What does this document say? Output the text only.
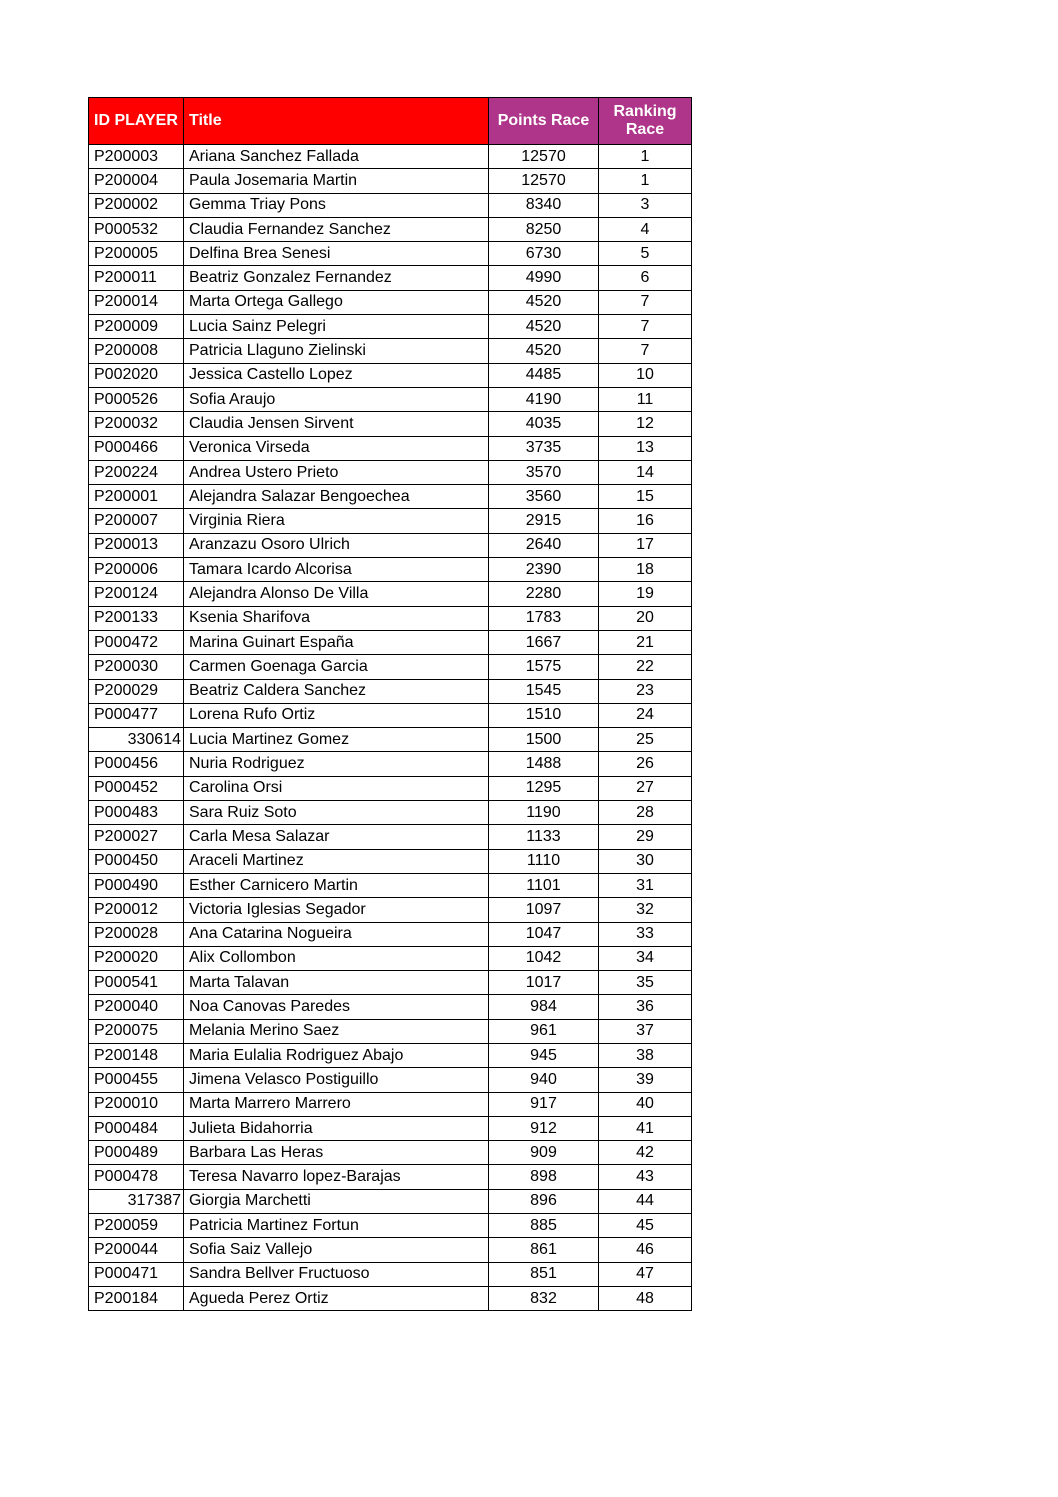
ID PLAYER	Title	Points Race	Ranking Race
P200003	Ariana Sanchez Fallada	12570	1
P200004	Paula Josemaria Martin	12570	1
P200002	Gemma Triay Pons	8340	3
P000532	Claudia Fernandez Sanchez	8250	4
P200005	Delfina Brea Senesi	6730	5
P200011	Beatriz Gonzalez Fernandez	4990	6
P200014	Marta Ortega Gallego	4520	7
P200009	Lucia Sainz Pelegri	4520	7
P200008	Patricia Llaguno Zielinski	4520	7
P002020	Jessica Castello Lopez	4485	10
P000526	Sofia Araujo	4190	11
P200032	Claudia Jensen Sirvent	4035	12
P000466	Veronica Virseda	3735	13
P200224	Andrea Ustero Prieto	3570	14
P200001	Alejandra Salazar Bengoechea	3560	15
P200007	Virginia Riera	2915	16
P200013	Aranzazu Osoro Ulrich	2640	17
P200006	Tamara Icardo Alcorisa	2390	18
P200124	Alejandra Alonso De Villa	2280	19
P200133	Ksenia Sharifova	1783	20
P000472	Marina Guinart España	1667	21
P200030	Carmen Goenaga Garcia	1575	22
P200029	Beatriz Caldera Sanchez	1545	23
P000477	Lorena Rufo Ortiz	1510	24
330614	Lucia Martinez Gomez	1500	25
P000456	Nuria Rodriguez	1488	26
P000452	Carolina Orsi	1295	27
P000483	Sara Ruiz Soto	1190	28
P200027	Carla Mesa Salazar	1133	29
P000450	Araceli Martinez	1110	30
P000490	Esther Carnicero Martin	1101	31
P200012	Victoria Iglesias Segador	1097	32
P200028	Ana Catarina Nogueira	1047	33
P200020	Alix Collombon	1042	34
P000541	Marta Talavan	1017	35
P200040	Noa Canovas Paredes	984	36
P200075	Melania Merino Saez	961	37
P200148	Maria Eulalia Rodriguez Abajo	945	38
P000455	Jimena Velasco Postiguillo	940	39
P200010	Marta Marrero Marrero	917	40
P000484	Julieta Bidahorria	912	41
P000489	Barbara Las Heras	909	42
P000478	Teresa Navarro lopez-Barajas	898	43
317387	Giorgia Marchetti	896	44
P200059	Patricia Martinez Fortun	885	45
P200044	Sofia Saiz Vallejo	861	46
P000471	Sandra Bellver Fructuoso	851	47
P200184	Agueda Perez Ortiz	832	48
